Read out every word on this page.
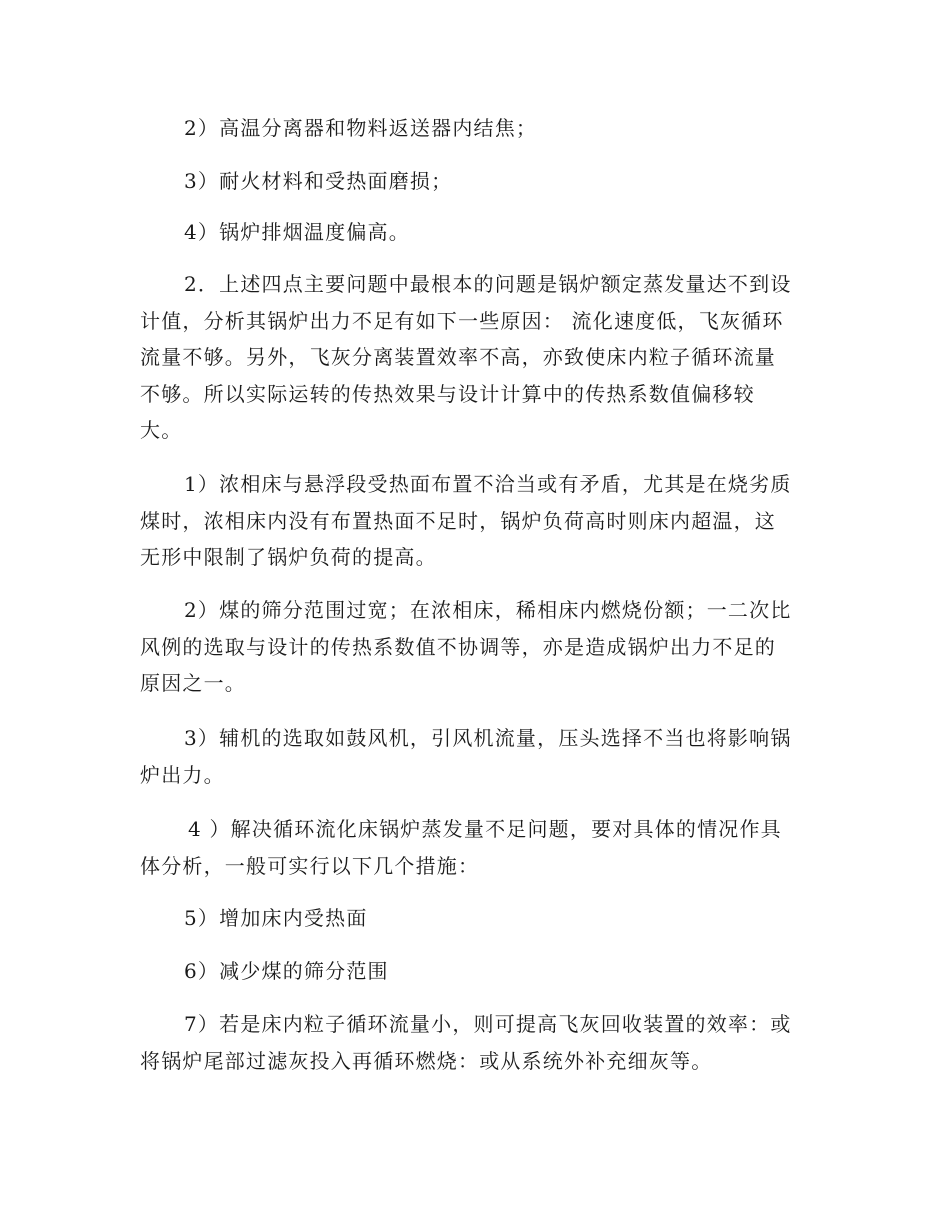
2）高温分离器和物料返送器内结焦；

3）耐火材料和受热面磨损；

4）锅炉排烟温度偏高。

2．上述四点主要问题中最根本的问题是锅炉额定蒸发量达不到设
计值，分析其锅炉出力不足有如下一些原因： 流化速度低，飞灰循环
流量不够。另外，飞灰分离装置效率不高，亦致使床内粒子循环流量
不够。所以实际运转的传热效果与设计计算中的传热系数值偏移较
大。

1）浓相床与悬浮段受热面布置不洽当或有矛盾，尤其是在烧劣质
煤时，浓相床内没有布置热面不足时，锅炉负荷高时则床内超温，这
无形中限制了锅炉负荷的提高。

2）煤的筛分范围过宽；在浓相床，稀相床内燃烧份额；一二次比
风例的选取与设计的传热系数值不协调等，亦是造成锅炉出力不足的
原因之一。

3）辅机的选取如鼓风机，引风机流量，压头选择不当也将影响锅
炉出力。

4 ）解决循环流化床锅炉蒸发量不足问题，要对具体的情况作具
体分析，一般可实行以下几个措施：

5）增加床内受热面

6）减少煤的筛分范围

7）若是床内粒子循环流量小，则可提高飞灰回收装置的效率：或
将锅炉尾部过滤灰投入再循环燃烧：或从系统外补充细灰等。
